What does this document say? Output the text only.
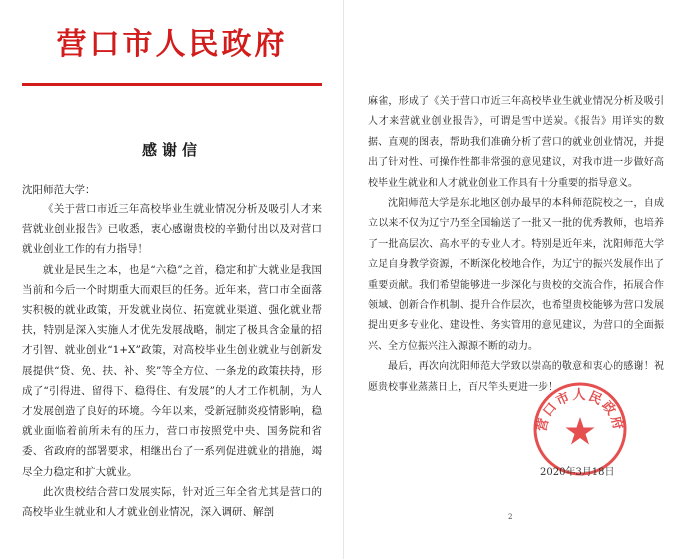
营口市人民政府
感谢信
沈阳师范大学：

《关于营口市近三年高校毕业生就业情况分析及吸引人才来营就业创业报告》已收悉，衷心感谢贵校的辛勤付出以及对营口就业创业工作的有力指导！

就业是民生之本，也是“六稳”之首，稳定和扩大就业是我国当前和今后一个时期重大而艰巨的任务。近年来，营口市全面落实积极的就业政策，开发就业岗位、拓宽就业渠道、强化就业帮扶，特别是深入实施人才优先发展战略，制定了极具含金量的招才引智、就业创业“1+X”政策，对高校毕业生创业就业与创新发展提供“贷、免、扶、补、奖”等全方位、一条龙的政策扶持，形成了“引得进、留得下、稳得住、有发展”的人才工作机制，为人才发展创造了良好的环境。今年以来，受新冠肺炎疫情影响，稳就业面临着前所未有的压力，营口市按照党中央、国务院和省委、省政府的部署要求，相继出台了一系列促进就业的措施，竭尽全力稳定和扩大就业。

此次贵校结合营口发展实际，针对近三年全省尤其是营口的高校毕业生就业和人才就业创业情况，深入调研、解剖

麻雀，形成了《关于营口市近三年高校毕业生就业情况分析及吸引人才来营就业创业报告》，可谓是雪中送炭。《报告》用详实的数据、直观的图表，帮助我们准确分析了营口的就业创业情况，并提出了针对性、可操作性都非常强的意见建议，对我市进一步做好高校毕业生就业和人才就业创业工作具有十分重要的指导意义。

沈阳师范大学是东北地区创办最早的本科师范院校之一，自成立以来不仅为辽宁乃至全国输送了一批又一批的优秀教师，也培养了一批高层次、高水平的专业人才。特别是近年来，沈阳师范大学立足自身教学资源，不断深化校地合作，为辽宁的振兴发展作出了重要贡献。我们希望能够进一步深化与贵校的交流合作，拓展合作领域、创新合作机制、提升合作层次，也希望贵校能够为营口发展提出更多专业化、建设性、务实管用的意见建议，为营口的全面振兴、全方位振兴注入源源不断的动力。

最后，再次向沈阳师范大学致以崇高的敬意和衷心的感谢！祝愿贵校事业蒸蒸日上，百尺竿头更进一步！

营口市人民政府
2020年3月18日
2
